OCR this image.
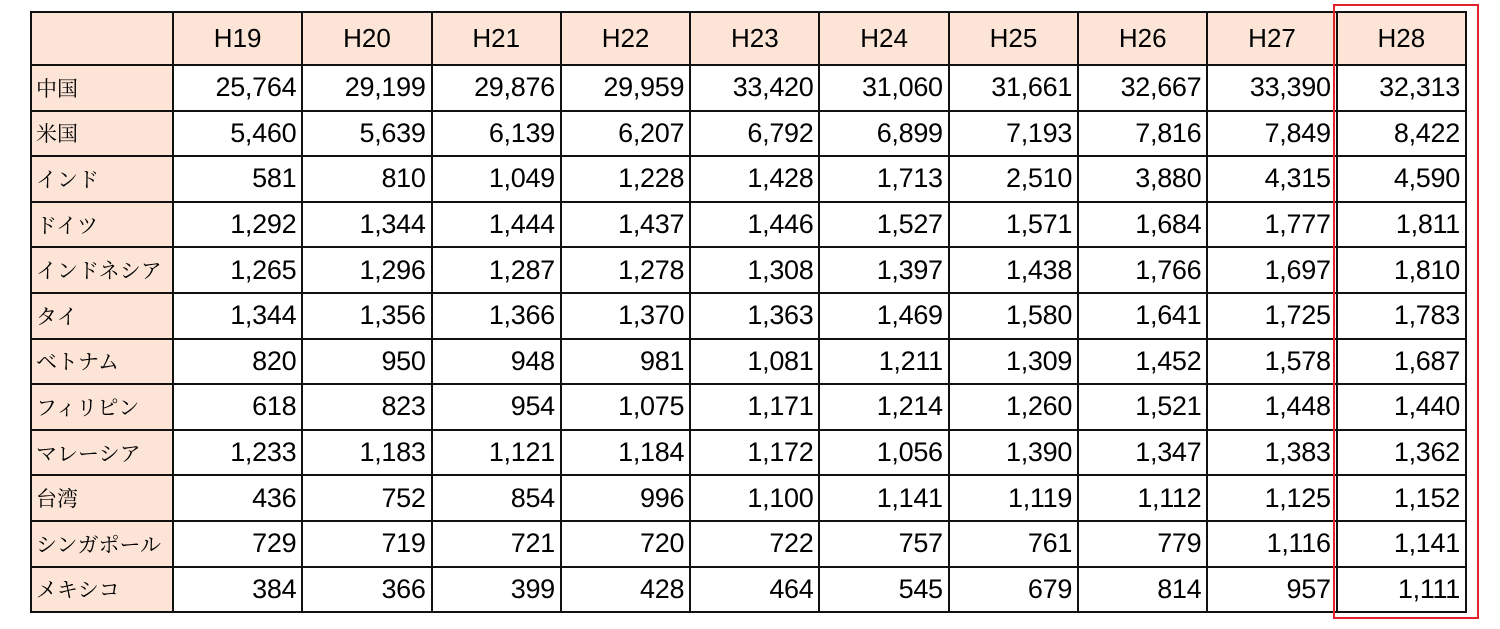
	H19	H20	H21	H22	H23	H24	H25	H26	H27	H28
中国	25,764	29,199	29,876	29,959	33,420	31,060	31,661	32,667	33,390	32,313
米国	5,460	5,639	6,139	6,207	6,792	6,899	7,193	7,816	7,849	8,422
インド	581	810	1,049	1,228	1,428	1,713	2,510	3,880	4,315	4,590
ドイツ	1,292	1,344	1,444	1,437	1,446	1,527	1,571	1,684	1,777	1,811
インドネシア	1,265	1,296	1,287	1,278	1,308	1,397	1,438	1,766	1,697	1,810
タイ	1,344	1,356	1,366	1,370	1,363	1,469	1,580	1,641	1,725	1,783
ベトナム	820	950	948	981	1,081	1,211	1,309	1,452	1,578	1,687
フィリピン	618	823	954	1,075	1,171	1,214	1,260	1,521	1,448	1,440
マレーシア	1,233	1,183	1,121	1,184	1,172	1,056	1,390	1,347	1,383	1,362
台湾	436	752	854	996	1,100	1,141	1,119	1,112	1,125	1,152
シンガポール	729	719	721	720	722	757	761	779	1,116	1,141
メキシコ	384	366	399	428	464	545	679	814	957	1,111
